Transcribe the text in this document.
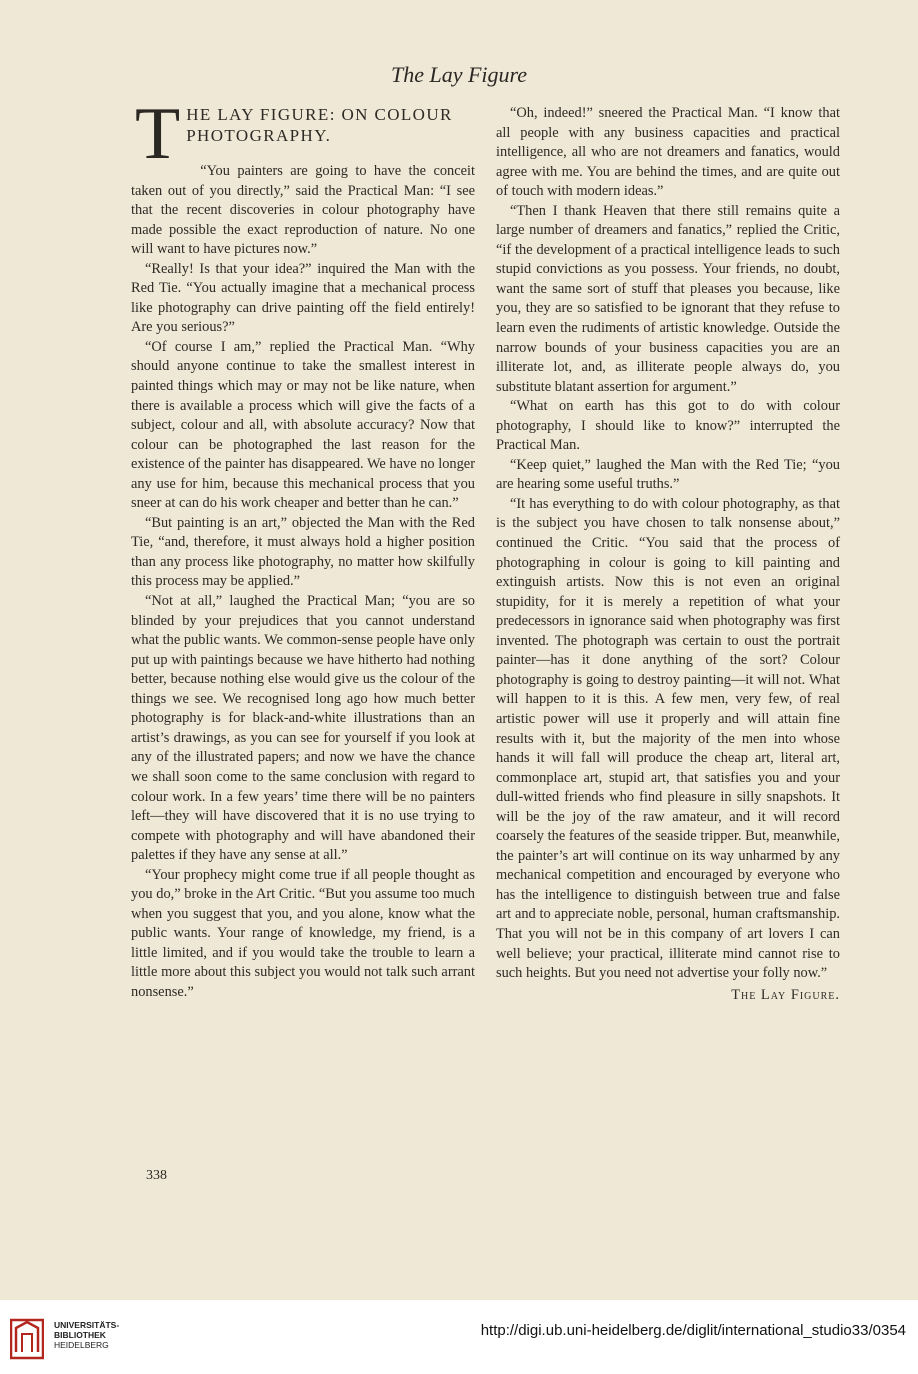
The Lay Figure
T HE LAY FIGURE: ON COLOUR PHOTOGRAPHY.

“You painters are going to have the conceit taken out of you directly,” said the Practical Man: “I see that the recent discoveries in colour photography have made possible the exact reproduction of nature. No one will want to have pictures now.”

“Really! Is that your idea?” inquired the Man with the Red Tie. “You actually imagine that a mechanical process like photography can drive painting off the field entirely! Are you serious?”

“Of course I am,” replied the Practical Man. “Why should anyone continue to take the smallest interest in painted things which may or may not be like nature, when there is available a process which will give the facts of a subject, colour and all, with absolute accuracy? Now that colour can be photographed the last reason for the existence of the painter has disappeared. We have no longer any use for him, because this mechanical process that you sneer at can do his work cheaper and better than he can.”

“But painting is an art,” objected the Man with the Red Tie, “and, therefore, it must always hold a higher position than any process like photography, no matter how skilfully this process may be applied.”

“Not at all,” laughed the Practical Man; “you are so blinded by your prejudices that you cannot understand what the public wants. We common-sense people have only put up with paintings because we have hitherto had nothing better, because nothing else would give us the colour of the things we see. We recognised long ago how much better photography is for black-and-white illustrations than an artist’s drawings, as you can see for yourself if you look at any of the illustrated papers; and now we have the chance we shall soon come to the same conclusion with regard to colour work. In a few years’ time there will be no painters left—they will have discovered that it is no use trying to compete with photography and will have abandoned their palettes if they have any sense at all.”

“Your prophecy might come true if all people thought as you do,” broke in the Art Critic. “But you assume too much when you suggest that you, and you alone, know what the public wants. Your range of knowledge, my friend, is a little limited, and if you would take the trouble to learn a little more about this subject you would not talk such arrant nonsense.”

“Oh, indeed!” sneered the Practical Man. “I know that all people with any business capacities and practical intelligence, all who are not dreamers and fanatics, would agree with me. You are behind the times, and are quite out of touch with modern ideas.”

“Then I thank Heaven that there still remains quite a large number of dreamers and fanatics,” replied the Critic, “if the development of a practical intelligence leads to such stupid convictions as you possess. Your friends, no doubt, want the same sort of stuff that pleases you because, like you, they are so satisfied to be ignorant that they refuse to learn even the rudiments of artistic knowledge. Outside the narrow bounds of your business capacities you are an illiterate lot, and, as illiterate people always do, you substitute blatant assertion for argument.”

“What on earth has this got to do with colour photography, I should like to know?” interrupted the Practical Man.

“Keep quiet,” laughed the Man with the Red Tie; “you are hearing some useful truths.”

“It has everything to do with colour photography, as that is the subject you have chosen to talk nonsense about,” continued the Critic. “You said that the process of photographing in colour is going to kill painting and extinguish artists. Now this is not even an original stupidity, for it is merely a repetition of what your predecessors in ignorance said when photography was first invented. The photograph was certain to oust the portrait painter—has it done anything of the sort? Colour photography is going to destroy painting—it will not. What will happen to it is this. A few men, very few, of real artistic power will use it properly and will attain fine results with it, but the majority of the men into whose hands it will fall will produce the cheap art, literal art, commonplace art, stupid art, that satisfies you and your dull-witted friends who find pleasure in silly snapshots. It will be the joy of the raw amateur, and it will record coarsely the features of the seaside tripper. But, meanwhile, the painter’s art will continue on its way unharmed by any mechanical competition and encouraged by everyone who has the intelligence to distinguish between true and false art and to appreciate noble, personal, human craftsmanship. That you will not be in this company of art lovers I can well believe; your practical, illiterate mind cannot rise to such heights. But you need not advertise your folly now.”

The Lay Figure.
338
UNIVERSITÄTS-
BIBLIOTHEK
HEIDELBERG
http://digi.ub.uni-heidelberg.de/diglit/international_studio33/0354
